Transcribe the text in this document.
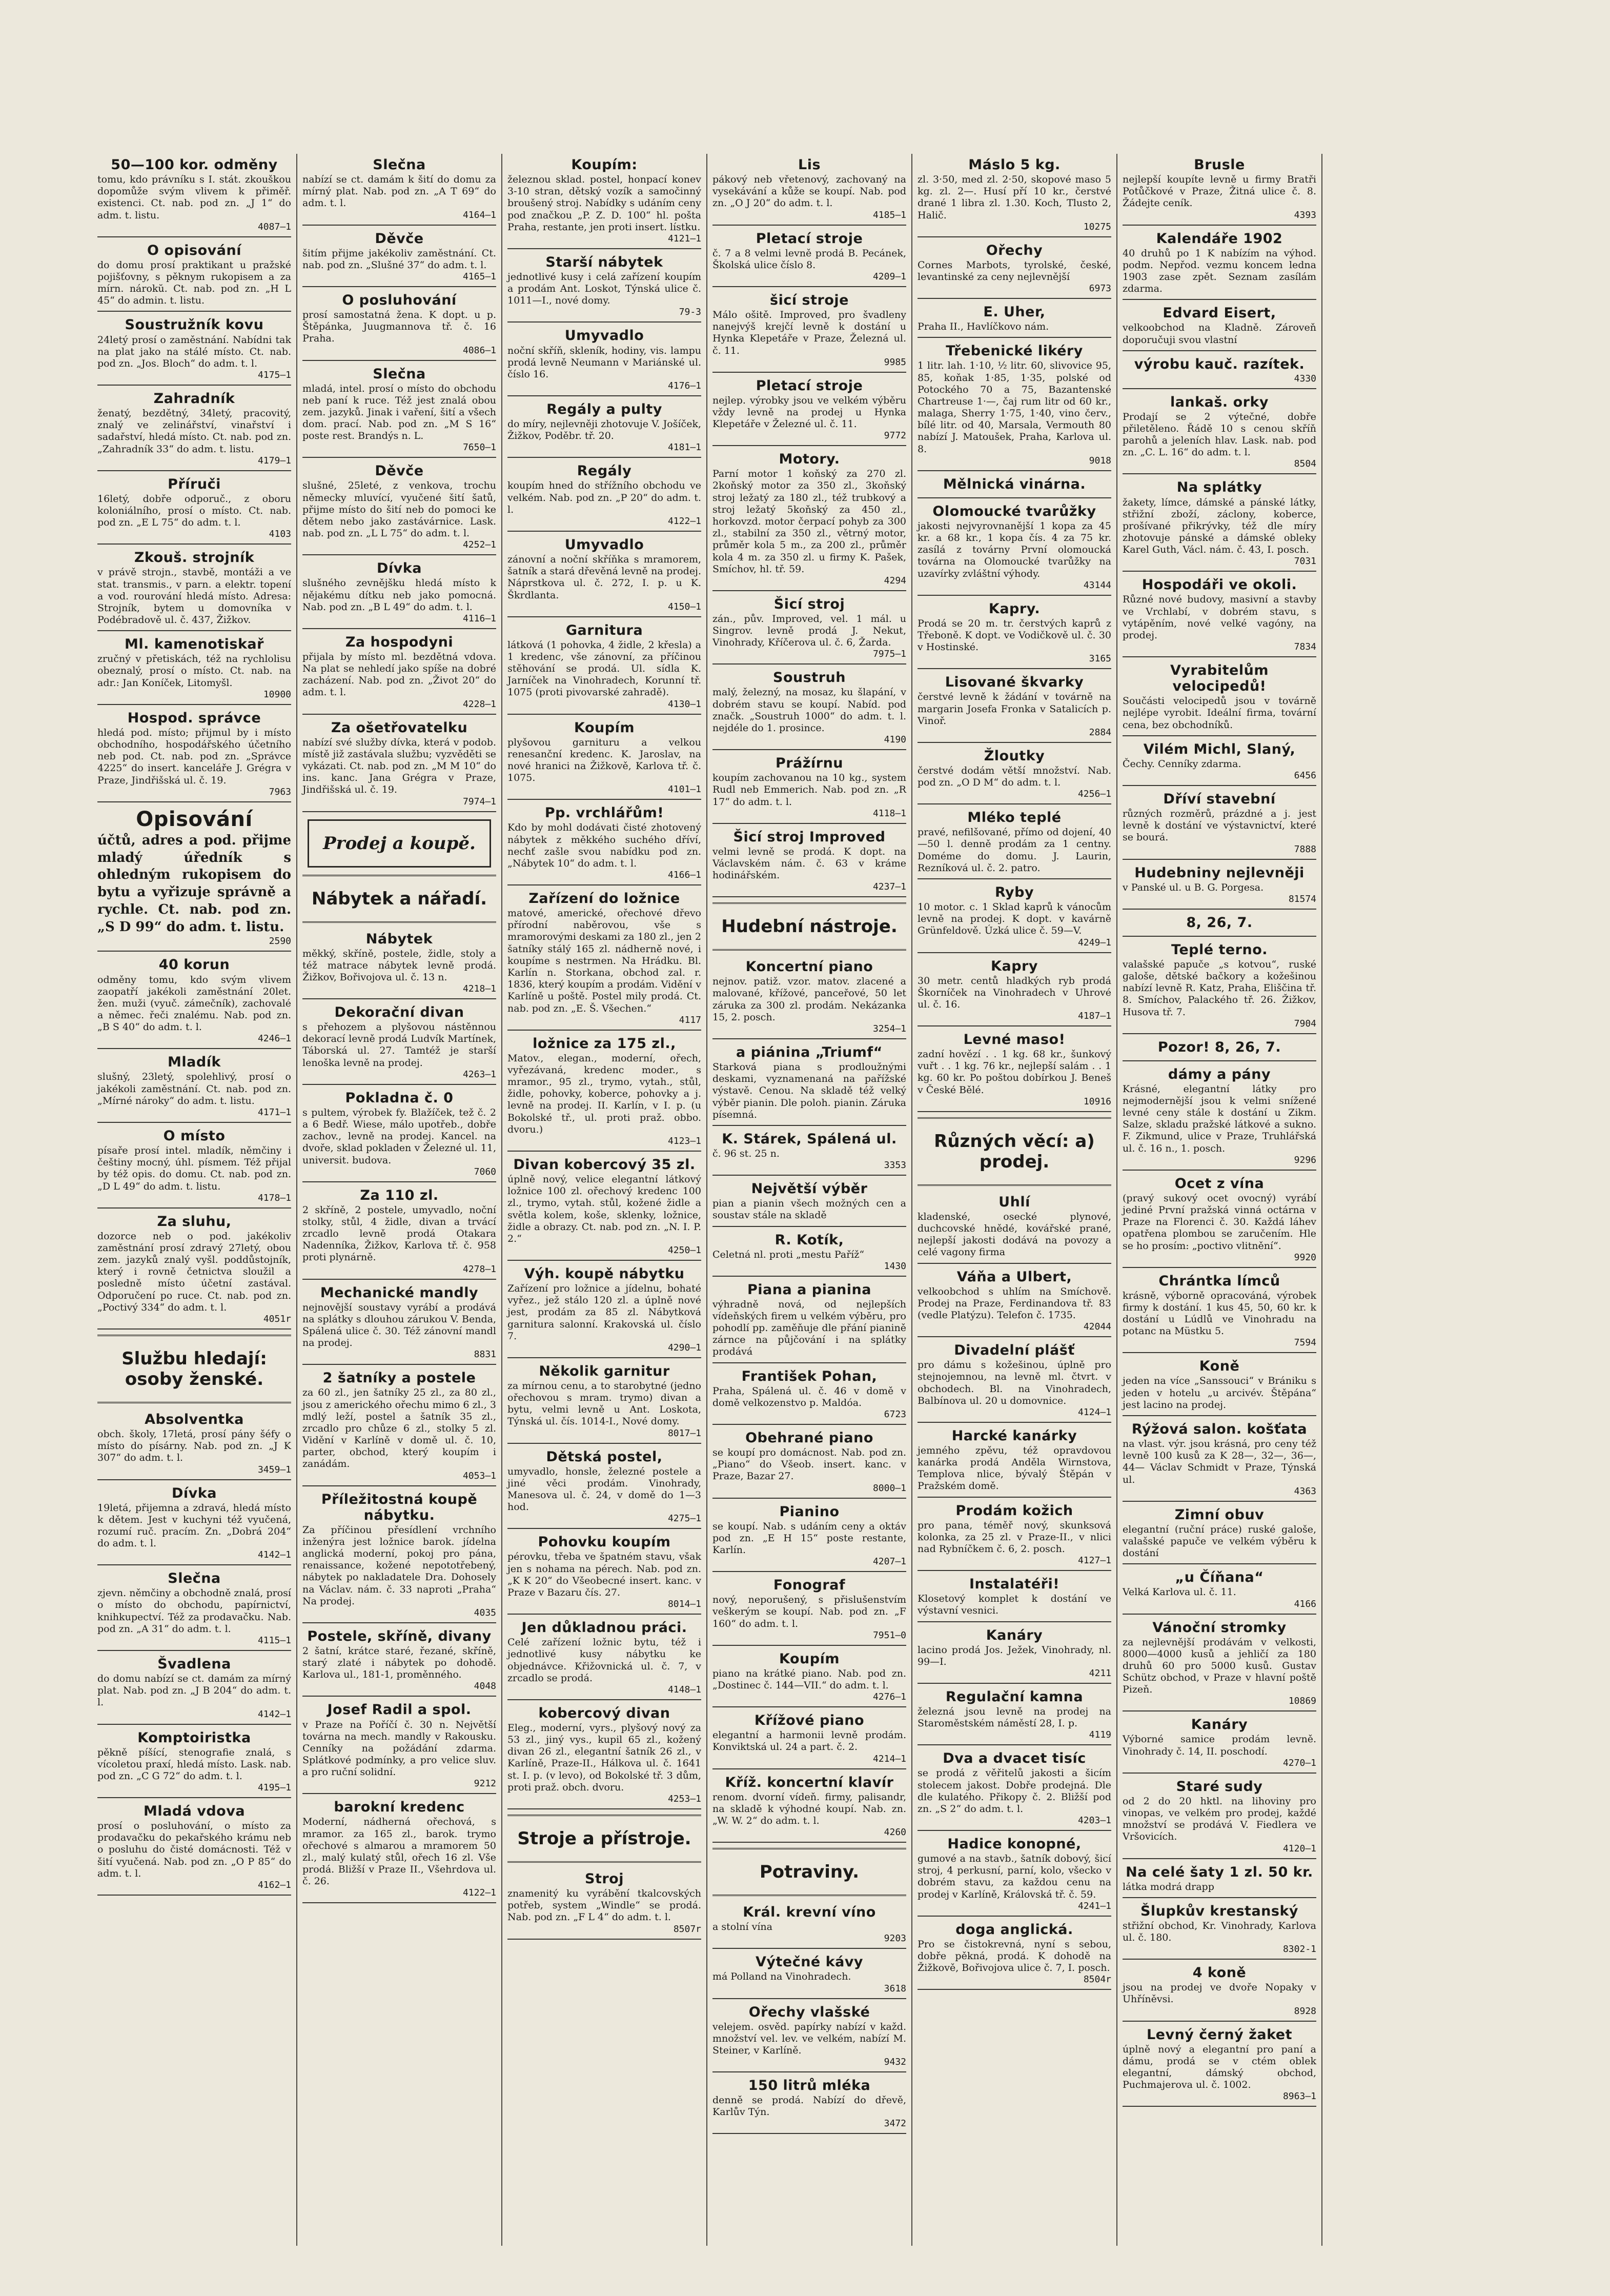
50—100 kor. odměny

tomu, kdo právníku s I. stát. zkouškou dopomůže svým vlivem k přiměř. existenci. Ct. nab. pod zn. „J 1“ do adm. t. listu.

4087—1
O opisování

do domu prosí praktikant u pražské pojišťovny, s pěknym rukopisem a za mírn. nárokŭ. Ct. nab. pod zn. „H L 45“ do admin. t. listu.

Soustružník kovu

24letý prosí o zaměstnání. Nabídni tak na plat jako na stálé místo. Ct. nab. pod zn. „Jos. Bloch“ do adm. t. l.

4175—1
Zahradník

ženatý, bezdětný, 34letý, pracovitý, znalý ve zelinářství, vinařství i sadařství, hledá místo. Ct. nab. pod zn. „Zahradník 33“ do adm. t. listu.

4179—1
Příruči

16letý, dobře odporuč., z oboru koloniálního, prosí o místo. Ct. nab. pod zn. „E L 75“ do adm. t. l.

4103
Zkouš. strojník

v právě strojn., stavbě, montáži a ve stat. transmis., v parn. a elektr. topení a vod. rourování hledá místo. Adresa: Strojník, bytem u domovníka v Podébradově ul. č. 437, Žižkov.

Ml. kamenotiskař

zručný v přetiskách, též na rychlolisu obeznalý, prosí o místo. Ct. nab. na adr.: Jan Koníček, Litomyšl.

10900
Hospod. správce

hledá pod. místo; přijmul by i místo obchodního, hospodářského účetního neb pod. Ct. nab. pod zn. „Správce 4225“ do insert. kanceláře J. Grégra v Praze, Jindřišská ul. č. 19.

7963
Opisování

účtů, adres a pod. přijme mladý úředník s ohledným rukopisem do bytu a vyřizuje správně a rychle. Ct. nab. pod zn. „S D 99“ do adm. t. listu.

2590
40 korun

odměny tomu, kdo svým vlivem zaopatří jakékoli zaměstnání 20let. žen. muži (vyuč. zámečník), zachovalé a němec. řeči znalému. Nab. pod zn. „B S 40“ do adm. t. l.

4246—1
Mladík

slušný, 23letý, spolehlivý, prosí o jakékoli zaměstnání. Ct. nab. pod zn. „Mírné nároky“ do adm. t. listu.

4171—1
O místo

písaře prosí intel. mladík, němčiny i češtiny mocný, úhl. písmem. Též přijal by též opis. do domu. Ct. nab. pod zn. „D L 49“ do adm. t. listu.

4178—1
Za sluhu,

dozorce neb o pod. jakékoliv zaměstnání prosí zdravý 27letý, obou zem. jazyků znalý vyšl. poddůstojník, který i rovně četnictva sloužil a posledně místo účetní zastával. Odporučení po ruce. Ct. nab. pod zn. „Poctivý 334“ do adm. t. l.

4051r
Službu hledají: osoby ženské.
Absolventka

obch. školy, 17letá, prosí pány šéfy o místo do písárny. Nab. pod zn. „J K 307“ do adm. t. l.

3459—1
Dívka

19letá, přijemna a zdravá, hledá místo k dětem. Jest v kuchyni též vyučená, rozumí ruč. pracím. Zn. „Dobrá 204“ do adm. t. l.

4142—1
Slečna

zjevn. němčiny a obchodně znalá, prosí o místo do obchodu, papírnictví, knihkupectví. Též za prodavačku. Nab. pod zn. „A 31“ do adm. t. l.

4115—1
Švadlena

do domu nabízí se ct. damám za mírný plat. Nab. pod zn. „J B 204“ do adm. t. l.

4142—1
Komptoiristka

pěkně píšící, stenografie znalá, s vícoletou praxí, hledá místo. Lask. nab. pod zn. „C G 72“ do adm. t. l.

4195—1
Mladá vdova

prosí o posluhování, o místo za prodavačku do pekařského krámu neb o posluhu do čisté domácnosti. Též v šití vyučená. Nab. pod zn. „O P 85“ do adm. t. l.

4162—1
Slečna

nabízí se ct. damám k šití do domu za mírný plat. Nab. pod zn. „A T 69“ do adm. t. l.

4164—1
Děvče

šitím přijme jakékoliv zaměstnání. Ct. nab. pod zn. „Slušné 37“ do adm. t. l.

4165—1
O posluhování

prosí samostatná žena. K dopt. u p. Štěpánka, Juugmannova tř. č. 16 Praha.

4086—1
Slečna

mladá, intel. prosí o místo do obchodu neb paní k ruce. Též jest znalá obou zem. jazyků. Jinak i vaření, šití a všech dom. prací. Nab. pod zn. „M S 16“ poste rest. Brandýs n. L.

7650—1
Děvče

slušné, 25leté, z venkova, trochu německy mluvící, vyučené šití šatů, přijme místo do šití neb do pomoci ke dětem nebo jako zastávárnice. Lask. nab. pod zn. „L L 75“ do adm. t. l.

4252—1
Dívka

slušného zevnějšku hledá místo k nějakému dítku neb jako pomocná. Nab. pod zn. „B L 49“ do adm. t. l.

4116—1
Za hospodyni

přijala by místo ml. bezdětná vdova. Na plat se nehledí jako spíše na dobré zacházení. Nab. pod zn. „Život 20“ do adm. t. l.

4228—1
Za ošetřovatelku

nabízí své služby dívka, která v podob. místě již zastávala službu; vyzvěděti se vykázati. Ct. nab. pod zn. „M M 10“ do ins. kanc. Jana Grégra v Praze, Jindřišská ul. č. 19.

7974—1
Prodej a koupě.
Nábytek a nářadí.
Nábytek

měkký, skříně, postele, židle, stoly a též matrace nábytek levně prodá. Žižkov, Bořivojova ul. č. 13 n.

4218—1
Dekorační divan

s přehozem a plyšovou nástěnnou dekorací levně prodá Ludvík Martínek, Táborská ul. 27. Tamtéž je starší lenoška levně na prodej.

4263—1
Pokladna č. 0

s pultem, výrobek fy. Blažíček, tež č. 2 a 6 Bedř. Wiese, málo upotřeb., dobře zachov., levně na prodej. Kancel. na dvoře, sklad pokladen v Železné ul. 11, universit. budova.

7060
Za 110 zl.

2 skříně, 2 postele, umyvadlo, noční stolky, stůl, 4 židle, divan a trvácí zrcadlo levně prodá Otakara Nadenníka, Žižkov, Karlova tř. č. 958 proti plynárně.

4278—1
Mechanické mandly

nejnovější soustavy vyrábí a prodává na splátky s dlouhou zárukou V. Benda, Spálená ulice č. 30. Též zánovní mandl na prodej.

8831
2 šatníky a postele

za 60 zl., jen šatníky 25 zl., za 80 zl., jsou z amerického ořechu mimo 6 zl., 3 mdlý leží, postel a šatník 35 zl., zrcadlo pro chůze 6 zl., stolky 5 zl. Vidění v Karlíně v domě ul. č. 10, parter, obchod, který koupím i zanádám.

4053—1
Příležitostná koupě nábytku.

Za příčinou přesídlení vrchního inženýra jest ložnice barok. jídelna anglická moderní, pokoj pro pána, renaissance, kožené nepototřebený, nábytek po nakladatele Dra. Dohosely na Václav. nám. č. 33 naproti „Praha“ Na prodej.

4035
Postele, skříně, divany

2 šatní, krátce staré, řezané, skříně, starý zlaté i nábytek po dohodě. Karlova ul., 181-1, proměnného.

4048
Josef Radil a spol.

v Praze na Poříčí č. 30 n. Největší továrna na mech. mandly v Rakousku. Cenníky na požádání zdarma. Splátkové podmínky, a pro velice sluv. a pro ruční solidní.

9212
barokní kredenc

Moderní, nádherná ořechová, s mramor. za 165 zl., barok. trymo ořechové s almarou a mramorem 50 zl., malý kulatý stůl, ořech 16 zl. Vše prodá. Bližší v Praze II., Všehrdova ul. č. 26.

4122—1
Koupím:

železnou sklad. postel, honpací konev 3-10 stran, dětský vozík a samočinný broušený stroj. Nabídky s udáním ceny pod značkou „P. Z. D. 100“ hl. pošta Praha, restante, jen proti insert. lístku.

4121—1
Starší nábytek

jednotlivé kusy i celá zařízení koupím a prodám Ant. Loskot, Týnská ulice č. 1011—I., nové domy.

79-3
Umyvadlo

noční skříň, skleník, hodiny, vis. lampu prodá levně Neumann v Mariánské ul. číslo 16.

4176—1
Regály a pulty

do míry, nejlevněji zhotovuje V. Jošíček, Žižkov, Poděbr. tř. 20.

4181—1
Regály

koupím hned do střížního obchodu ve velkém. Nab. pod zn. „P 20“ do adm. t. l.

4122—1
Umyvadlo

zánovní a noční skříňka s mramorem, šatník a stará dřevěná levně na prodej. Náprstkova ul. č. 272, I. p. u K. Škrdlanta.

4150—1
Garnitura

látková (1 pohovka, 4 židle, 2 křesla) a 1 kredenc, vše zánovní, za příčinou stěhování se prodá. Ul. sídla K. Jarníček na Vinohradech, Korunní tř. 1075 (proti pivovarské zahradě).

4130—1
Koupím

plyšovou garnituru a velkou renesanční kredenc. K. Jaroslav, na nové hranici na Žižkově, Karlova tř. č. 1075.

4101—1
Pp. vrchlářům!

Kdo by mohl dodávati čisté zhotovený nábytek z měkkého suchého dříví, nechť zašle svou nabídku pod zn. „Nábytek 10“ do adm. t. l.

4166—1
Zařízení do ložnice

matové, americké, ořechové dřevo přírodní naběrovou, vše s mramorovými deskami za 180 zl., jen 2 šatníky stálý 165 zl. nádherně nové, i koupíme s nestrmen. Na Hrádku. Bl. Karlín n. Storkana, obchod zal. r. 1836, který koupím a prodám. Vidění v Karlíně u poště. Postel mily prodá. Ct. nab. pod zn. „E. Š. Všechen.“

4117
ložnice za 175 zl.,

Matov., elegan., moderní, ořech, vyřezávaná, kredenc moder., s mramor., 95 zl., trymo, vytah., stůl, židle, pohovky, koberce, pohovky a j. levně na prodej. II. Karlín, v I. p. (u Bokolské tř., ul. proti praž. obbo. dvoru.)

4123—1
Divan kobercový 35 zl.

úplně nový, velice elegantní látkový ložnice 100 zl. ořechový kredenc 100 zl., trymo, vytah. stůl, kožené židle a světla kolem, koše, sklenky, ložnice, židle a obrazy. Ct. nab. pod zn. „N. I. P. 2.“

4250—1
Výh. koupě nábytku

Zařízení pro ložnice a jídelnu, bohaté vyřez., jež stálo 120 zl. a úplně nové jest, prodám za 85 zl. Nábytková garnitura salonní. Krakovská ul. číslo 7.

4290—1
Několik garnitur

za mírnou cenu, a to starobytné (jedno ořechovou s mram. trymo) divan a bytu, velmi levně u Ant. Loskota, Týnská ul. čís. 1014-I., Nové domy.

8017—1
Dětská postel,

umyvadlo, honsle, železné postele a jiné věci prodám. Vinohrady, Manesova ul. č. 24, v domě do 1—3 hod.

4275—1
Pohovku koupím

pérovku, třeba ve špatném stavu, však jen s nohama na pérech. Nab. pod zn. „K K 20“ do Všeobecné insert. kanc. v Praze v Bazaru čís. 27.

8014—1
Jen důkladnou práci.

Celé zařízení ložnic bytu, též i jednotlivé kusy nábytku ke objednávce. Křižovnická ul. č. 7, v zrcadlo se prodá.

4148—1
kobercový divan

Eleg., moderní, vyrs., plyšový nový za 53 zl., jiný vys., kupil 65 zl., kožený divan 26 zl., elegantní šatník 26 zl., v Karlíně, Praze-II., Hálkova ul. č. 1641 st. I. p. (v levo), od Bokolské tř. 3 dům, proti praž. obch. dvoru.

4253—1
Stroje a přístroje.
Stroj

znamenitý ku vyrábění tkalcovských potřeb, system „Windle“ se prodá. Nab. pod zn. „F L 4“ do adm. t. l.

8507r
Lis

pákový neb vřetenový, zachovaný na vysekávání a kůže se koupí. Nab. pod zn. „O J 20“ do adm. t. l.

4185—1
Pletací stroje

č. 7 a 8 velmi levně prodá B. Pecánek, Školská ulice číslo 8.

4209—1
šicí stroje

Málo ošitě. Improved, pro švadleny nanejvýš krejčí levně k dostání u Hynka Klepetáře v Praze, Železná ul. č. 11.

9985
Pletací stroje

nejlep. výrobky jsou ve velkém výběru vždy levně na prodej u Hynka Klepetáře v Železné ul. č. 11.

9772
Motory.

Parní motor 1 koňský za 270 zl. 2koňský motor za 350 zl., 3koňský stroj ležatý za 180 zl., též trubkový a stroj ležatý 5koňský za 450 zl., horkovzd. motor čerpací pohyb za 300 zl., stabilní za 350 zl., větrný motor, průměr kola 5 m., za 200 zl., průměr kola 4 m. za 350 zl. u firmy K. Pašek, Smíchov, hl. tř. 59.

4294
Šicí stroj

zán., pův. Improved, vel. 1 mál. u Singrov. levně prodá J. Nekut, Vinohrady, Kříčerova ul. č. 6, Žarda.

7975—1
Soustruh

malý, železný, na mosaz, ku šlapání, v dobrém stavu se koupí. Nabíd. pod značk. „Soustruh 1000“ do adm. t. l. nejdéle do 1. prosince.

4190
Prážírnu

koupím zachovanou na 10 kg., system Rudl neb Emmerich. Nab. pod zn. „R 17“ do adm. t. l.

4118—1
Šicí stroj Improved

velmi levně se prodá. K dopt. na Václavském nám. č. 63 v kráme hodinářském.

4237—1
Hudební nástroje.
Koncertní piano

nejnov. patiž. vzor. matov. zlacené a malované, křížové, panceřové, 50 let záruka za 300 zl. prodám. Nekázanka 15, 2. posch.

3254—1
a piánina „Triumf“

Starková piana s prodloužnými deskami, vyznamenaná na pařížské výstavě. Cenou. Na skladě též velký výběr pianin. Dle poloh. pianin. Záruka písemná.

K. Stárek, Spálená ul.

č. 96 st. 25 n.

3353
Největší výběr

pian a pianin všech možných cen a soustav stále na skladě

R. Kotík,

Celetná nl. proti „mestu Paříž“

1430
Piana a pianina

výhradně nová, od nejlepších vídeňských firem u velkém výběru, pro pohodlí pp. zaměňuje dle přání pianině zárnce na půjčování i na splátky prodává

František Pohan,

Praha, Spálená ul. č. 46 v domě v domě velkozenstvo p. Maldóa.

6723
Obehrané piano

se koupí pro domácnost. Nab. pod zn. „Piano“ do Všeob. insert. kanc. v Praze, Bazar 27.

8000—1
Pianino

se koupí. Nab. s udáním ceny a oktáv pod zn. „E H 15“ poste restante, Karlín.

4207—1
Fonograf

nový, neporušený, s přislušenstvím veškerým se koupí. Nab. pod zn. „F 160“ do adm. t. l.

7951—0
Koupím

piano na krátké piano. Nab. pod zn. „Dostinec č. 144—VII.“ do adm. t. l.

4276—1
Křížové piano

elegantní a harmonii levně prodám. Konviktská ul. 24 a part. č. 2.

4214—1
Kříž. koncertní klavír

renom. dvorní vídeň. firmy, palisandr, na skladě k výhodné koupí. Nab. zn. „W. W. 2“ do adm. t. l.

4260
Potraviny.
Král. krevní víno

a stolní vína

9203
Výtečné kávy

má Polland na Vinohradech.

3618
Ořechy vlašské

velejem. osvěd. papírky nabízí v každ. množství vel. lev. ve velkém, nabízí M. Steiner, v Karlíně.

9432
150 litrů mléka

denně se prodá. Nabízí do dřevě, Karlův Týn.

3472
Máslo 5 kg.

zl. 3·50, med zl. 2·50, skopové maso 5 kg. zl. 2—. Husí pří 10 kr., čerstvé drané 1 libra zl. 1.30. Koch, Tlusto 2, Halič.

10275
Ořechy

Cornes Marbots, tyrolské, české, levantinské za ceny nejlevnější

6973
E. Uher,

Praha II., Havlíčkovo nám.

Třebenické likéry

1 litr. lah. 1·10, ½ litr. 60, slivovice 95, 85, koňak 1·85, 1·35, polské od Potockého 70 a 75, Bazantenské Chartreuse 1·—, čaj rum litr od 60 kr., malaga, Sherry 1·75, 1·40, vino červ., bílé litr. od 40, Marsala, Vermouth 80 nabízí J. Matoušek, Praha, Karlova ul. 8.

9018
Mělnická vinárna.
Olomoucké tvarůžky

jakosti nejvyrovnanější 1 kopa za 45 kr. a 68 kr., 1 kopa čís. 4 za 75 kr. zasílá z továrny První olomoucká továrna na Olomoucké tvarůžky na uzavírky zvláštní výhody.

43144
Kapry.

Prodá se 20 m. tr. čerstvých kaprů z Třeboně. K dopt. ve Vodičkově ul. č. 30 v Hostinské.

3165
Lisované škvarky

čerstvé levně k žádání v továrně na margarin Josefa Fronka v Satalicích p. Vinoř.

2884
Žloutky

čerstvé dodám větší množství. Nab. pod zn. „O D M“ do adm. t. l.

4256—1
Mléko teplé

pravé, nefilšované, přímo od dojení, 40—50 l. denně prodám za 1 centny. Doméme do domu. J. Laurin, Rezníková ul. č. 2. patro.

Ryby

10 motor. c. 1 Sklad kaprů k vánocům levně na prodej. K dopt. v kavárně Grünfeldově. Úzká ulice č. 59—V.

4249—1
Kapry

30 metr. centů hladkých ryb prodá Škorníček na Vinohradech v Uhrové ul. č. 16.

4187—1
Levné maso!

zadní hovězí . . 1 kg. 68 kr., šunkový vuřt . . 1 kg. 76 kr., nejlepší salám . . 1 kg. 60 kr. Po poštou dobírkou J. Beneš v České Bělé.

10916
Různých věcí: a) prodej.
Uhlí

kladenské, osecké plynové, duchcovské hnědé, kovářské prané, nejlepší jakosti dodává na povozy a celé vagony firma

Váňa a Ulbert,

velkoobchod s uhlím na Smíchově. Prodej na Praze, Ferdinandova tř. 83 (vedle Platýzu). Telefon č. 1735.

42044
Divadelní plášť

pro dámu s kožešinou, úplně pro stejnojemnou, na levně ml. čtvrt. v obchodech. Bl. na Vinohradech, Balbínova ul. 20 u domovnice.

4124—1
Harcké kanárky

jemného zpěvu, též opravdovou kanárka prodá Anděla Wirnstova, Templova nlice, bývalý Štěpán v Pražském domě.

Prodám kožich

pro pana, téměř nový, skunksová kolonka, za 25 zl. v Praze-II., v nlici nad Rybníčkem č. 6, 2. posch.

4127—1
Instalatéři!

Klosetový komplet k dostání ve výstavní vesnici.

Kanáry

lacino prodá Jos. Ježek, Vinohrady, nl. 99—I.

4211
Regulační kamna

železná jsou levně na prodej na Staroměstském náměstí 28, I. p.

4119
Dva a dvacet tisíc

se prodá z věřitelů jakosti a šicím stolecem jakost. Dobře prodejná. Dle dle kulatého. Přikopy č. 2. Bližší pod zn. „S 2“ do adm. t. l.

4203—1
Hadice konopné,

gumové a na stavb., šatník dobový, šicí stroj, 4 perkusní, parní, kolo, všecko v dobrém stavu, za každou cenu na prodej v Karlíně, Královská tř. č. 59.

4241—1
doga anglická.

Pro se čistokrevná, nyní s sebou, dobře pěkná, prodá. K dohodě na Žižkově, Bořivojova ulice č. 7, I. posch.

8504r
Brusle

nejlepší koupíte levně u firmy Bratři Potůčkové v Praze, Žitná ulice č. 8. Žádejte ceník.

4393
Kalendáře 1902

40 druhů po 1 K nabízím na výhod. podm. Nepřod. vezmu koncem ledna 1903 zase zpět. Seznam zasílám zdarma.

Edvard Eisert,

velkoobchod na Kladně. Zároveň doporučuji svou vlastní

výrobu kauč. razítek.
4330
lankaš. orky

Prodají se 2 výtečné, dobře přiletěleno. Řádě 10 s cenou skříň parohů a jeleních hlav. Lask. nab. pod zn. „C. L. 16“ do adm. t. l.

8504
Na splátky

žakety, límce, dámské a pánské látky, střižní zboží, záclony, koberce, prošívané přikrývky, též dle míry zhotovuje pánské a dámské obleky Karel Guth, Václ. nám. č. 43, I. posch.

7031
Hospodáři ve okoli.

Různé nové budovy, masivní a stavby ve Vrchlabí, v dobrém stavu, s vytápěním, nové velké vagóny, na prodej.

7834
Vyrabitelům velocipedů!

Součásti velocipedů jsou v továrně nejlépe vyrobit. Ideální firma, tovární cena, bez obchodníků.

Vilém Michl, Slaný,

Čechy. Cenníky zdarma.

6456
Dříví stavební

různých rozměrů, prázdné a j. jest levně k dostání ve výstavnictví, které se bourá.

7888
Hudebniny nejlevněji

v Panské ul. u B. G. Porgesa.

81574
8, 26, 7.
Teplé terno.

valašské papuče „s kotvou“, ruské galoše, dětské bačkory a kožešinou nabízí levně R. Katz, Praha, Eliščina tř. 8. Smíchov, Palackého tř. 26. Žižkov, Husova tř. 7.

7904
Pozor! 8, 26, 7.
dámy a pány

Krásné, elegantní látky pro nejmodernější jsou k velmi snížené levné ceny stále k dostání u Zikm. Salze, skladu pražské látkové a sukno. F. Zikmund, ulice v Praze, Truhlářská ul. č. 16 n., 1. posch.

9296
Ocet z vína

(pravý sukový ocet ovocný) vyrábí jediné První pražská vinná octárna v Praze na Florenci č. 30. Každá láhev opatřena plombou se zaručením. Hle se ho prosím: „poctivo vlitnění“.

9920
Chrántka límců

krásně, výborně opracováná, výrobek firmy k dostání. 1 kus 45, 50, 60 kr. k dostání u Lúdlů ve Vinohradu na potanc na Müstku 5.

7594
Koně

jeden na více „Sanssouci“ v Brániku s jeden v hotelu „u arcivév. Štěpána“ jest lacino na prodej.

Rýžová salon. košťata

na vlast. výr. jsou krásná, pro ceny též levně 100 kusů za K 28—, 32—, 36—, 44— Václav Schmidt v Praze, Týnská ul.

4363
Zimní obuv

elegantní (ruční práce) ruské galoše, valašské papuče ve velkém výběru k dostání

„u Číňana“

Velká Karlova ul. č. 11.

4166
Vánoční stromky

za nejlevnější prodávám v velkosti, 8000—4000 kusů a jehličí za 180 druhů 60 pro 5000 kusů. Gustav Schütz obchod, v Praze v hlavní poště Pizeň.

10869
Kanáry

Výborné samice prodám levně. Vinohrady č. 14, II. poschodí.

4270—1
Staré sudy

od 2 do 20 hktl. na lihoviny pro vinopas, ve velkém pro prodej, každé množství se prodává V. Fiedlera ve Vršovicích.

4120—1
Na celé šaty 1 zl. 50 kr.

látka modrá drapp

Šlupkův krestanský

střižní obchod, Kr. Vinohrady, Karlova ul. č. 180.

8302-1
4 koně

jsou na prodej ve dvoře Nopaky v Uhříněvsi.

8928
Levný černý žaket

úplně nový a elegantní pro paní a dámu, prodá se v ctém oblek elegantní, dámský obchod, Puchmajerova ul. č. 1002.

8963—1
